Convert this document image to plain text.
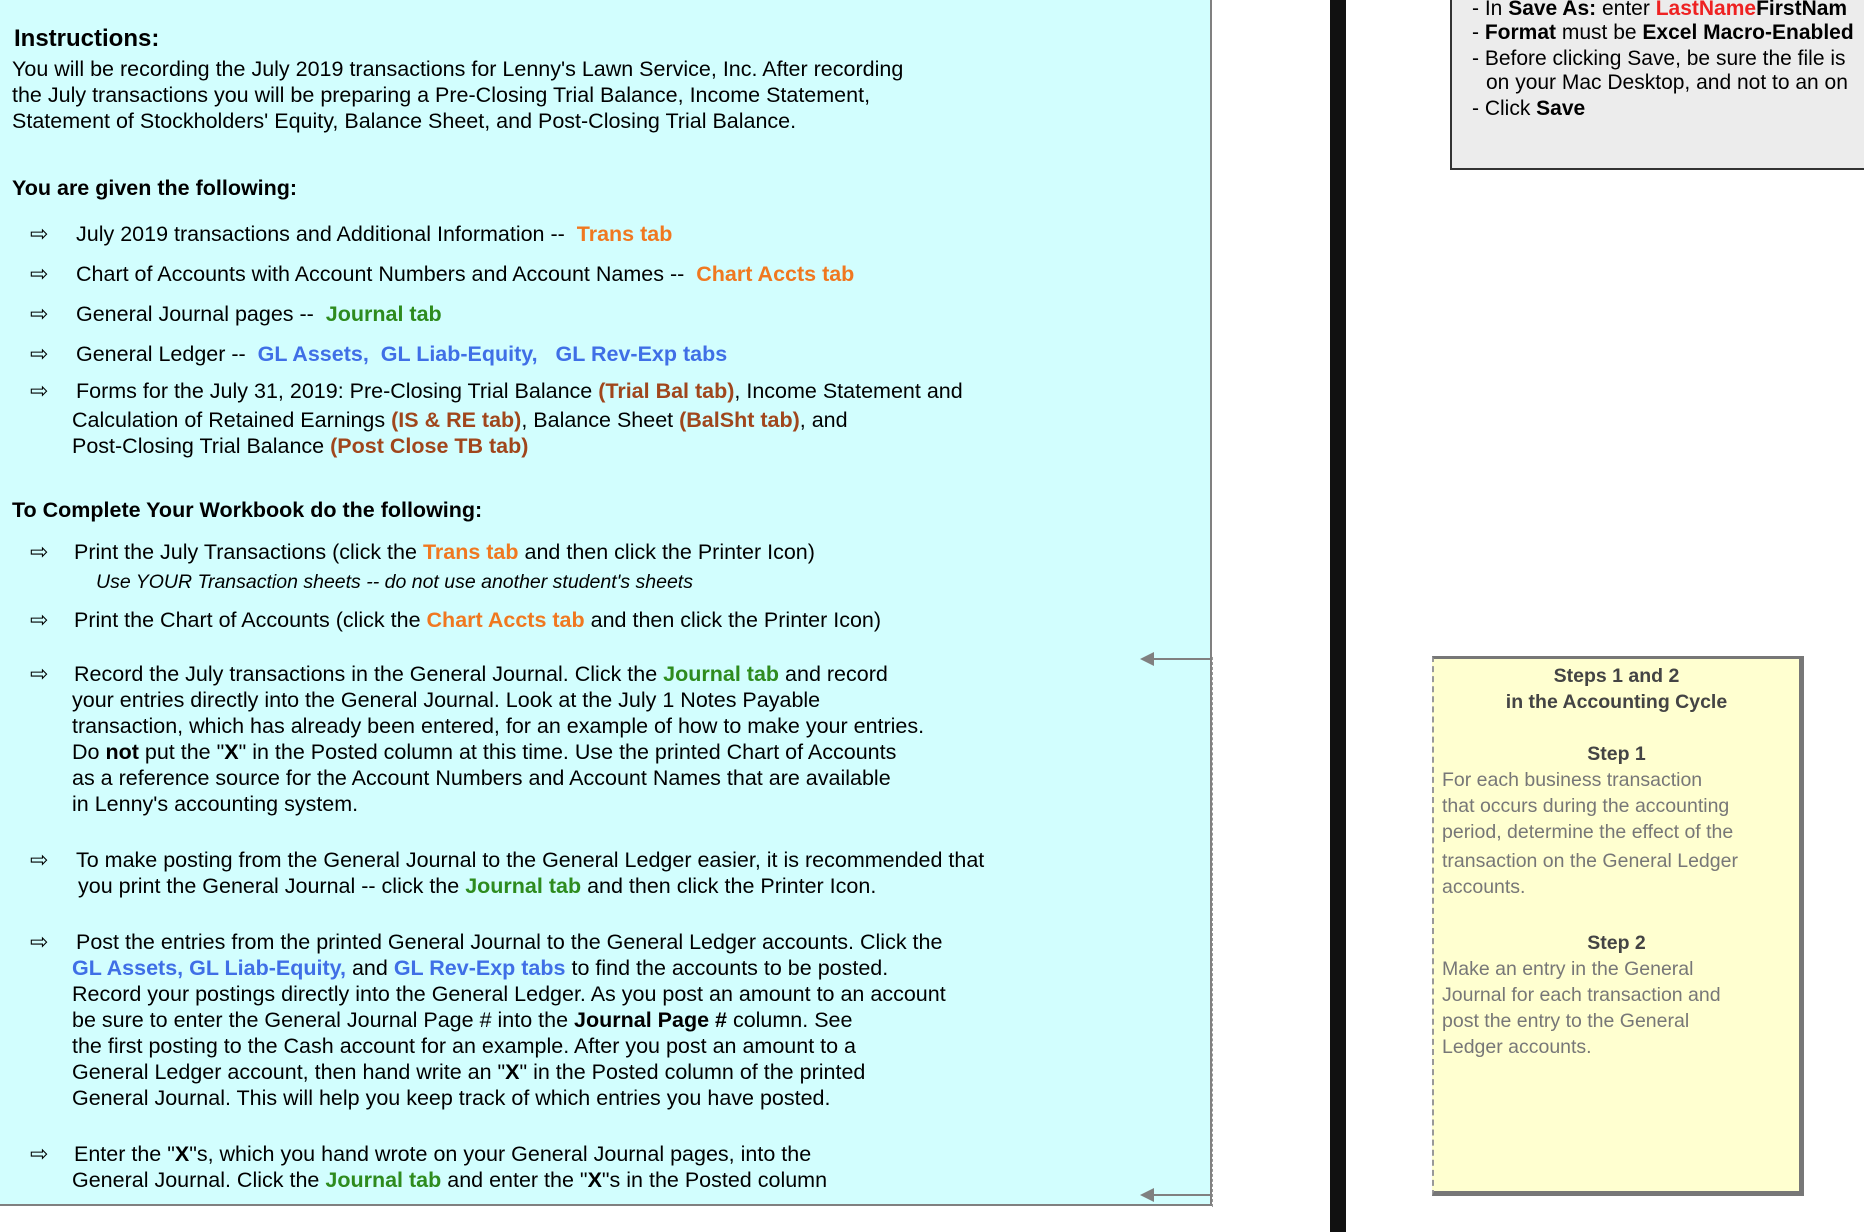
Instructions:
You will be recording the July 2019 transactions for Lenny's Lawn Service, Inc. After recording
the July transactions you will be preparing a Pre-Closing Trial Balance, Income Statement,
Statement of Stockholders' Equity, Balance Sheet, and Post-Closing Trial Balance.
You are given the following:
⇨ July 2019 transactions and Additional Information -- Trans tab
⇨ Chart of Accounts with Account Numbers and Account Names -- Chart Accts tab
⇨ General Journal pages -- Journal tab
⇨ General Ledger -- GL Assets, GL Liab-Equity, GL Rev-Exp tabs
⇨ Forms for the July 31, 2019: Pre-Closing Trial Balance (Trial Bal tab), Income Statement and
Calculation of Retained Earnings (IS & RE tab), Balance Sheet (BalSht tab), and
Post-Closing Trial Balance (Post Close TB tab)
To Complete Your Workbook do the following:
⇨ Print the July Transactions (click the Trans tab and then click the Printer Icon)
Use YOUR Transaction sheets -- do not use another student's sheets
⇨ Print the Chart of Accounts (click the Chart Accts tab and then click the Printer Icon)
⇨ Record the July transactions in the General Journal. Click the Journal tab and record
your entries directly into the General Journal. Look at the July 1 Notes Payable
transaction, which has already been entered, for an example of how to make your entries.
Do not put the "X" in the Posted column at this time. Use the printed Chart of Accounts
as a reference source for the Account Numbers and Account Names that are available
in Lenny's accounting system.
⇨ To make posting from the General Journal to the General Ledger easier, it is recommended that
you print the General Journal -- click the Journal tab and then click the Printer Icon.
⇨ Post the entries from the printed General Journal to the General Ledger accounts. Click the
GL Assets, GL Liab-Equity, and GL Rev-Exp tabs to find the accounts to be posted.
Record your postings directly into the General Ledger. As you post an amount to an account
be sure to enter the General Journal Page # into the Journal Page # column. See
the first posting to the Cash account for an example. After you post an amount to a
General Ledger account, then hand write an "X" in the Posted column of the printed
General Journal. This will help you keep track of which entries you have posted.
⇨ Enter the "X"s, which you hand wrote on your General Journal pages, into the
General Journal. Click the Journal tab and enter the "X"s in the Posted column
- In Save As: enter LastNameFirstNam
- Format must be Excel Macro-Enabled
- Before clicking Save, be sure the file is
on your Mac Desktop, and not to an on
- Click Save
Steps 1 and 2
in the Accounting Cycle
Step 1
For each business transaction
that occurs during the accounting
period, determine the effect of the
transaction on the General Ledger
accounts.
Step 2
Make an entry in the General
Journal for each transaction and
post the entry to the General
Ledger accounts.
